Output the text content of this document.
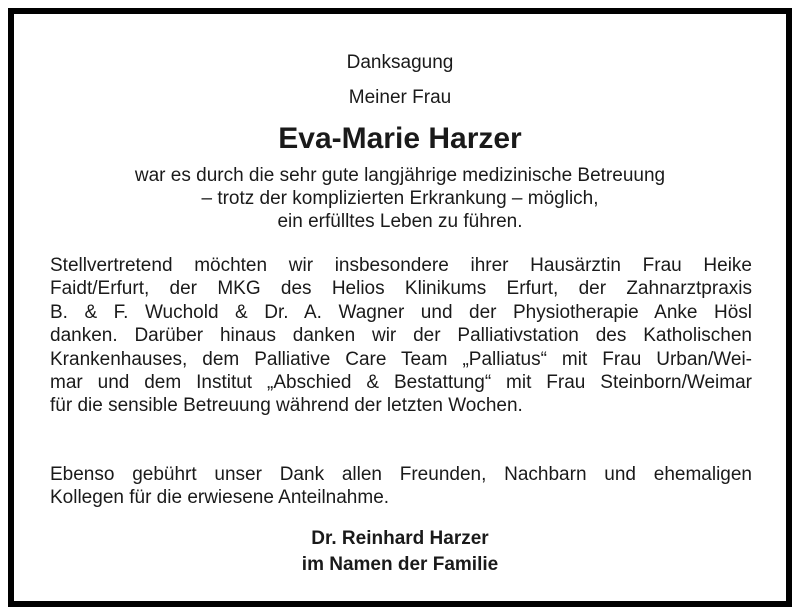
Danksagung
Meiner Frau
Eva-Marie Harzer
war es durch die sehr gute langjährige medizinische Betreuung
– trotz der komplizierten Erkrankung – möglich,
ein erfülltes Leben zu führen.
Stellvertretend möchten wir insbesondere ihrer Hausärztin Frau Heike
Faidt/Erfurt, der MKG des Helios Klinikums Erfurt, der Zahnarztpraxis
B. & F. Wuchold & Dr. A. Wagner und der Physiotherapie Anke Hösl
danken. Darüber hinaus danken wir der Palliativstation des Katholischen
Krankenhauses, dem Palliative Care Team „Palliatus“ mit Frau Urban/Wei-
mar und dem Institut „Abschied & Bestattung“ mit Frau Steinborn/Weimar
für die sensible Betreuung während der letzten Wochen.
Ebenso gebührt unser Dank allen Freunden, Nachbarn und ehemaligen
Kollegen für die erwiesene Anteilnahme.
Dr. Reinhard Harzer
im Namen der Familie
